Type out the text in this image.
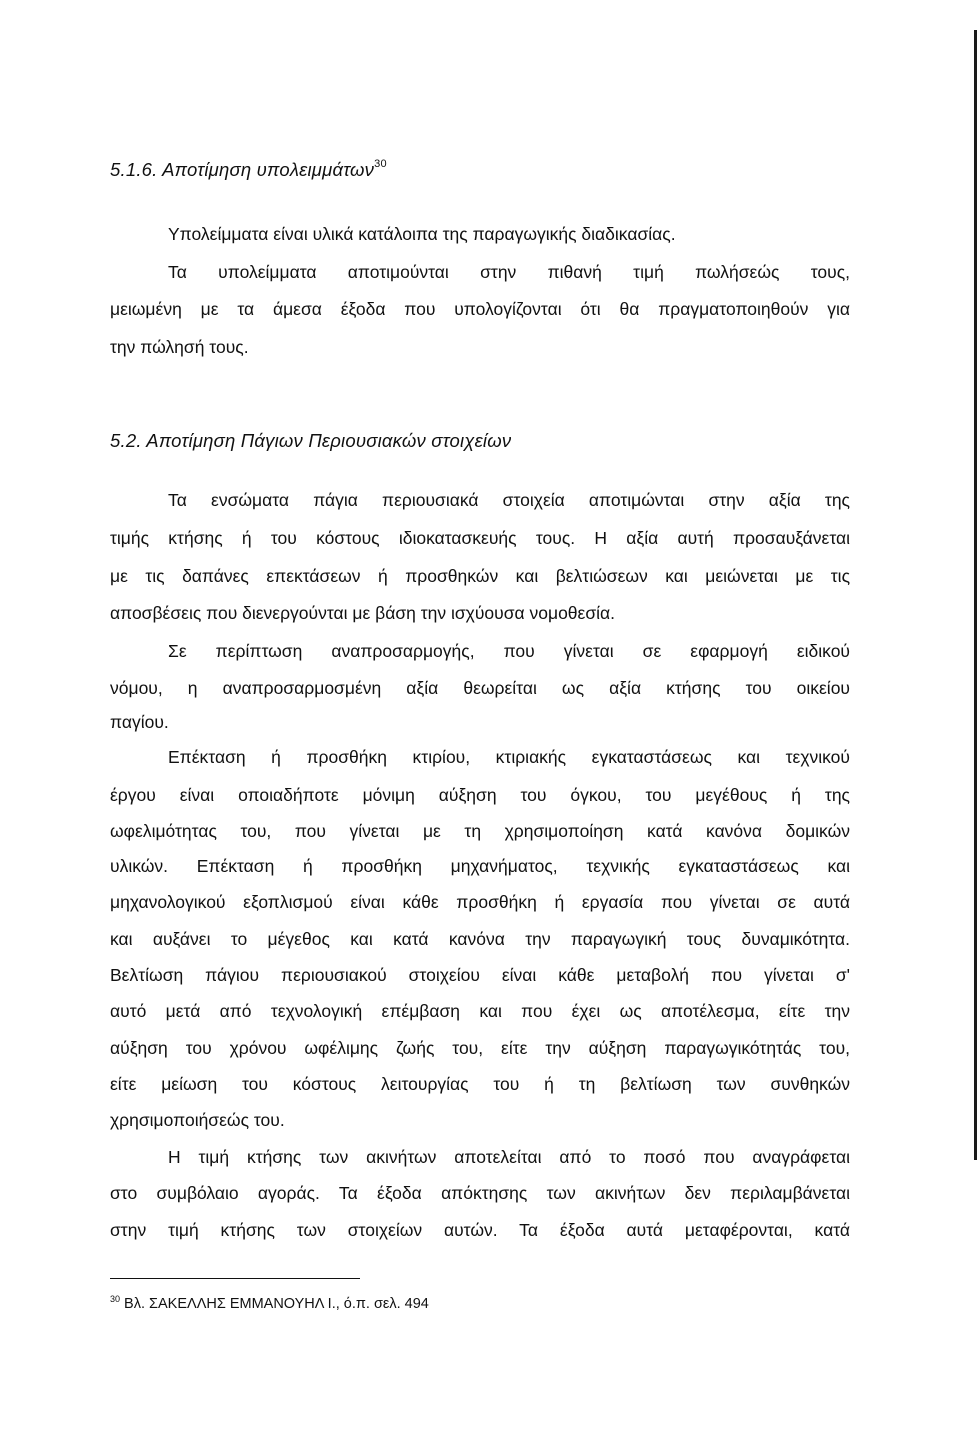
5.1.6. Αποτίμηση υπολειμμάτων$^{30}$
Υπολείμματα είναι υλικά κατάλοιπα της παραγωγικής διαδικασίας.
Τα υπολείμματα αποτιμούνται στην πιθανή τιμή πωλήσεώς τους,
μειωμένη με τα άμεσα έξοδα που υπολογίζονται ότι θα πραγματοποιηθούν για
την πώλησή τους.
5.2. Αποτίμηση Πάγιων Περιουσιακών στοιχείων
Τα ενσώματα πάγια περιουσιακά στοιχεία αποτιμώνται στην αξία της
τιμής κτήσης ή του κόστους ιδιοκατασκευής τους. Η αξία αυτή προσαυξάνεται
με τις δαπάνες επεκτάσεων ή προσθηκών και βελτιώσεων και μειώνεται με τις
αποσβέσεις που διενεργούνται με βάση την ισχύουσα νομοθεσία.
Σε περίπτωση αναπροσαρμογής, που γίνεται σε εφαρμογή ειδικού
νόμου, η αναπροσαρμοσμένη αξία θεωρείται ως αξία κτήσης του οικείου
παγίου.
Επέκταση ή προσθήκη κτιρίου, κτιριακής εγκαταστάσεως και τεχνικού
έργου είναι οποιαδήποτε μόνιμη αύξηση του όγκου, του μεγέθους ή της
ωφελιμότητας του, που γίνεται με τη χρησιμοποίηση κατά κανόνα δομικών
υλικών. Επέκταση ή προσθήκη μηχανήματος, τεχνικής εγκαταστάσεως και
μηχανολογικού εξοπλισμού είναι κάθε προσθήκη ή εργασία που γίνεται σε αυτά
και αυξάνει το μέγεθος και κατά κανόνα την παραγωγική τους δυναμικότητα.
Βελτίωση πάγιου περιουσιακού στοιχείου είναι κάθε μεταβολή που γίνεται σ'
αυτό μετά από τεχνολογική επέμβαση και που έχει ως αποτέλεσμα, είτε την
αύξηση του χρόνου ωφέλιμης ζωής του, είτε την αύξηση παραγωγικότητάς του,
είτε μείωση του κόστους λειτουργίας του ή τη βελτίωση των συνθηκών
χρησιμοποιήσεώς του.
Η τιμή κτήσης των ακινήτων αποτελείται από το ποσό που αναγράφεται
στο συμβόλαιο αγοράς. Τα έξοδα απόκτησης των ακινήτων δεν περιλαμβάνεται
στην τιμή κτήσης των στοιχείων αυτών. Τα έξοδα αυτά μεταφέρονται, κατά
$^{30}$ Βλ. ΣΑΚΕΛΛΗΣ ΕΜΜΑΝΟΥΗΛ Ι., ό.π. σελ. 494
